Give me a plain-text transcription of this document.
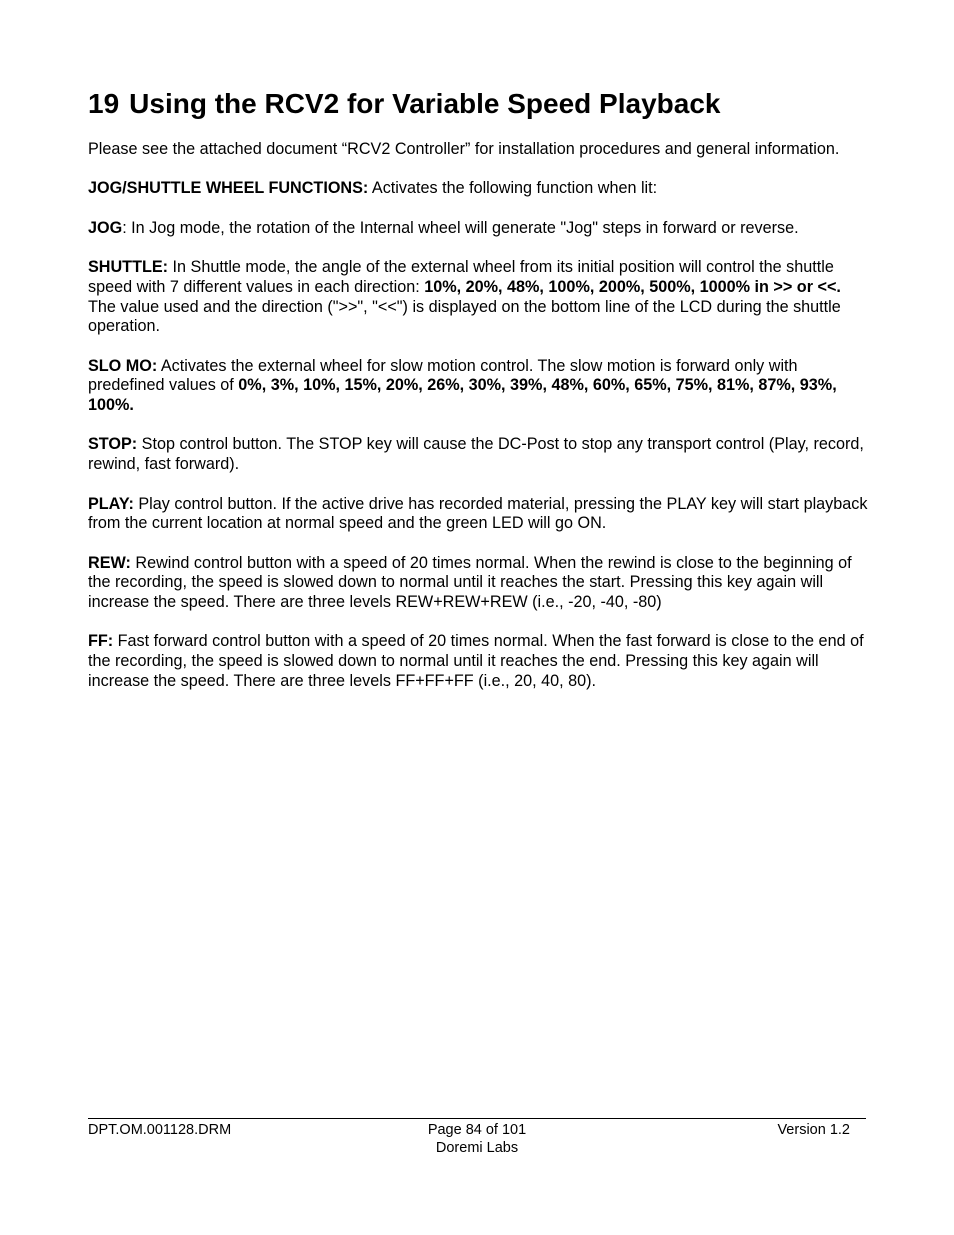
19 Using the RCV2 for Variable Speed Playback

Please see the attached document “RCV2 Controller” for installation procedures and general information.

JOG/SHUTTLE WHEEL FUNCTIONS: Activates the following function when lit:

JOG: In Jog mode, the rotation of the Internal wheel will generate "Jog" steps in forward or reverse.

SHUTTLE: In Shuttle mode, the angle of the external wheel from its initial position will control the shuttle speed with 7 different values in each direction: 10%, 20%, 48%, 100%, 200%, 500%, 1000% in >> or <<. The value used and the direction (">>", "<<") is displayed on the bottom line of the LCD during the shuttle operation.

SLO MO: Activates the external wheel for slow motion control. The slow motion is forward only with predefined values of 0%, 3%, 10%, 15%, 20%, 26%, 30%, 39%, 48%, 60%, 65%, 75%, 81%, 87%, 93%, 100%.

STOP: Stop control button. The STOP key will cause the DC-Post to stop any transport control (Play, record, rewind, fast forward).

PLAY: Play control button. If the active drive has recorded material, pressing the PLAY key will start playback from the current location at normal speed and the green LED will go ON.

REW: Rewind control button with a speed of 20 times normal. When the rewind is close to the beginning of the recording, the speed is slowed down to normal until it reaches the start. Pressing this key again will increase the speed. There are three levels REW+REW+REW (i.e., -20, -40, -80)

FF: Fast forward control button with a speed of 20 times normal. When the fast forward is close to the end of the recording, the speed is slowed down to normal until it reaches the end. Pressing this key again will increase the speed. There are three levels FF+FF+FF (i.e., 20, 40, 80).

DPT.OM.001128.DRM	Page 84 of 101
Doremi Labs
Version 1.2
